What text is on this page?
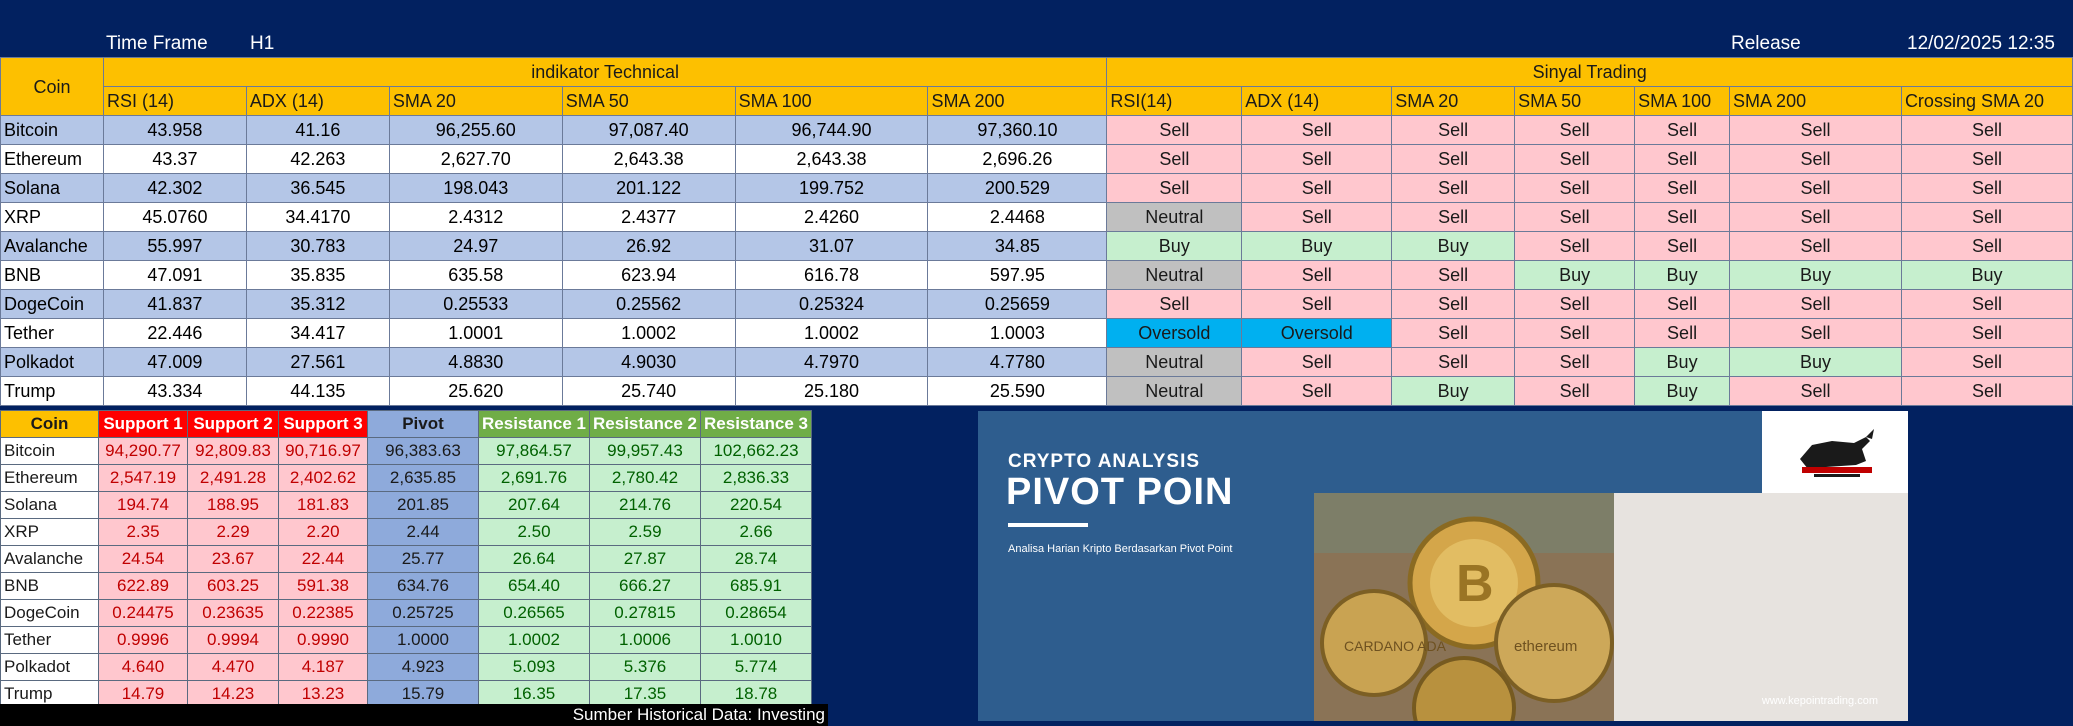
Time Frame H1	Release	12/02/2025 12:35
Coin	indikator Technical						Sinyal Trading						
	RSI (14)	ADX (14)	SMA 20	SMA 50	SMA 100	SMA 200	RSI(14)	ADX (14)	SMA 20	SMA 50	SMA 100	SMA 200	Crossing SMA 20
Bitcoin	43.958	41.16	96,255.60	97,087.40	96,744.90	97,360.10	Sell	Sell	Sell	Sell	Sell	Sell	Sell
Ethereum	43.37	42.263	2,627.70	2,643.38	2,643.38	2,696.26	Sell	Sell	Sell	Sell	Sell	Sell	Sell
Solana	42.302	36.545	198.043	201.122	199.752	200.529	Sell	Sell	Sell	Sell	Sell	Sell	Sell
XRP	45.0760	34.4170	2.4312	2.4377	2.4260	2.4468	Neutral	Sell	Sell	Sell	Sell	Sell	Sell
Avalanche	55.997	30.783	24.97	26.92	31.07	34.85	Buy	Buy	Buy	Sell	Sell	Sell	Sell
BNB	47.091	35.835	635.58	623.94	616.78	597.95	Neutral	Sell	Sell	Buy	Buy	Buy	Buy
DogeCoin	41.837	35.312	0.25533	0.25562	0.25324	0.25659	Sell	Sell	Sell	Sell	Sell	Sell	Sell
Tether	22.446	34.417	1.0001	1.0002	1.0002	1.0003	Oversold	Oversold	Sell	Sell	Sell	Sell	Sell
Polkadot	47.009	27.561	4.8830	4.9030	4.7970	4.7780	Neutral	Sell	Sell	Sell	Buy	Buy	Sell
Trump	43.334	44.135	25.620	25.740	25.180	25.590	Neutral	Sell	Buy	Sell	Buy	Sell	Sell
Coin	Support 1	Support 2	Support 3	Pivot	Resistance 1	Resistance 2	Resistance 3
Bitcoin	94,290.77	92,809.83	90,716.97	96,383.63	97,864.57	99,957.43	102,662.23
Ethereum	2,547.19	2,491.28	2,402.62	2,635.85	2,691.76	2,780.42	2,836.33
Solana	194.74	188.95	181.83	201.85	207.64	214.76	220.54
XRP	2.35	2.29	2.20	2.44	2.50	2.59	2.66
Avalanche	24.54	23.67	22.44	25.77	26.64	27.87	28.74
BNB	622.89	603.25	591.38	634.76	654.40	666.27	685.91
DogeCoin	0.24475	0.23635	0.22385	0.25725	0.26565	0.27815	0.28654
Tether	0.9996	0.9994	0.9990	1.0000	1.0002	1.0006	1.0010
Polkadot	4.640	4.470	4.187	4.923	5.093	5.376	5.774
Trump	14.79	14.23	13.23	15.79	16.35	17.35	18.78
Sumber Historical Data: Investing
B
CARDANO ADA	ethereum
CRYPTO ANALYSIS
PIVOT POIN
Analisa Harian Kripto Berdasarkan Pivot Point
www.kepointrading.com
